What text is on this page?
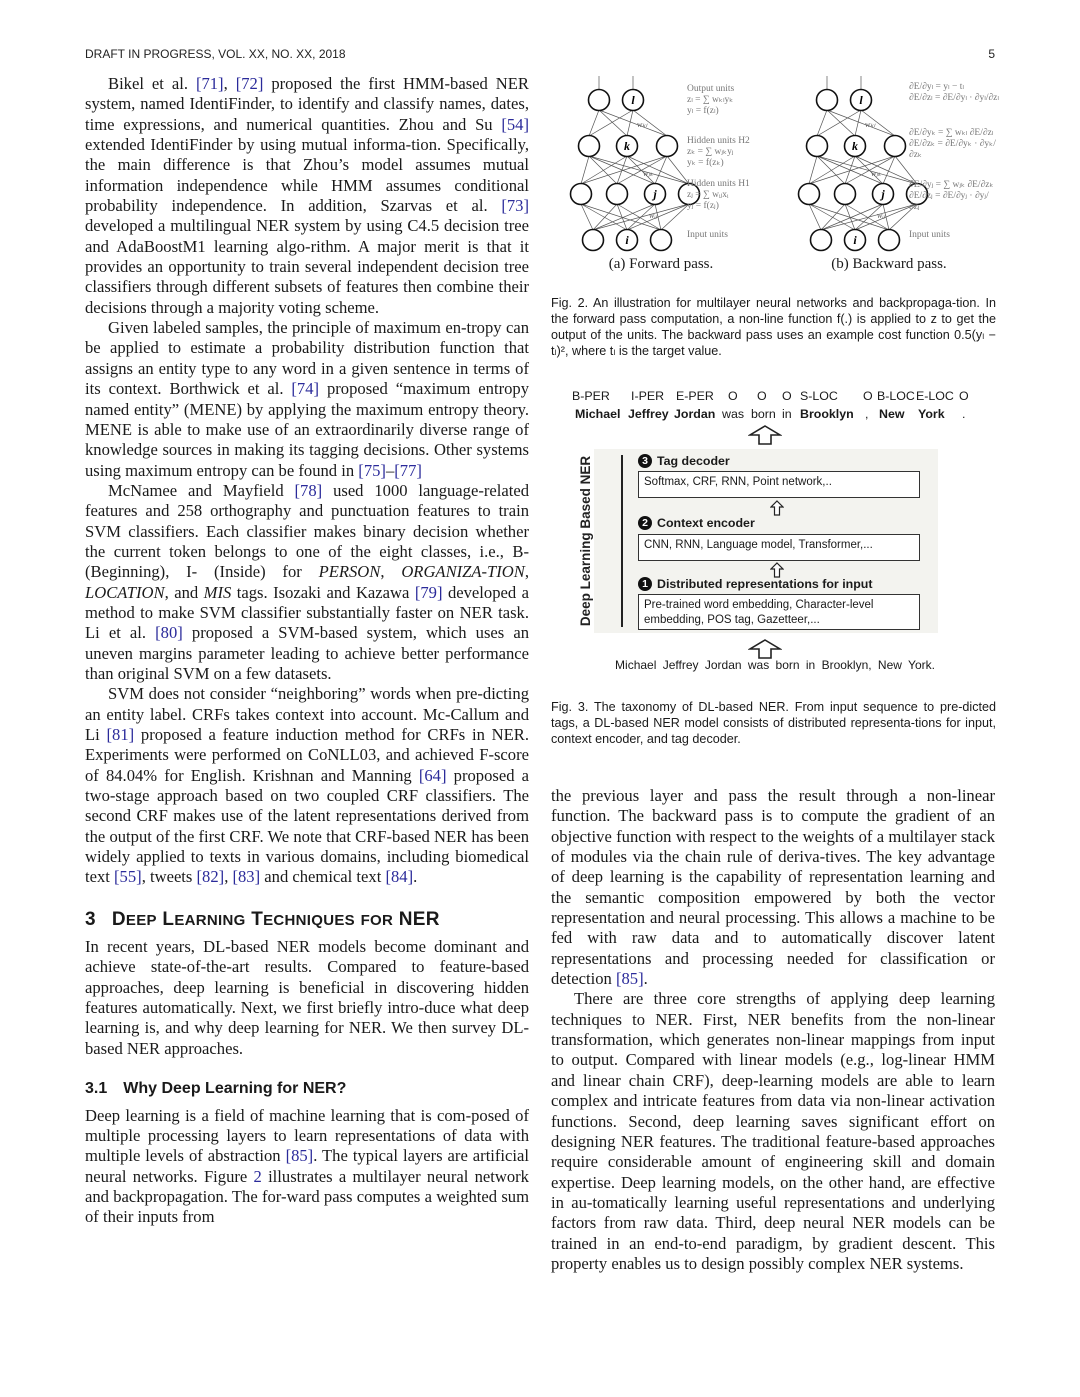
DRAFT IN PROGRESS, VOL. XX, NO. XX, 2018	5

Bikel et al. [71], [72] proposed the first HMM-based NER system, named IdentiFinder, to identify and classify names, dates, time expressions, and numerical quantities. Zhou and Su [54] extended IdentiFinder by using mutual informa-tion. Specifically, the main difference is that Zhou’s model assumes mutual information independence while HMM assumes conditional probability independence. In addition, Szarvas et al. [73] developed a multilingual NER system by using C4.5 decision tree and AdaBoostM1 learning algo-rithm. A major merit is that it provides an opportunity to train several independent decision tree classifiers through different subsets of features then combine their decisions through a majority voting scheme.

Given labeled samples, the principle of maximum en-tropy can be applied to estimate a probability distribution function that assigns an entity type to any word in a given sentence in terms of its context. Borthwick et al. [74] proposed “maximum entropy named entity” (MENE) by applying the maximum entropy theory. MENE is able to make use of an extraordinarily diverse range of knowledge sources in making its tagging decisions. Other systems using maximum entropy can be found in [75]–[77]

McNamee and Mayfield [78] used 1000 language-related features and 258 orthography and punctuation features to train SVM classifiers. Each classifier makes binary decision whether the current token belongs to one of the eight classes, i.e., B- (Beginning), I- (Inside) for PERSON, ORGANIZA-TION, LOCATION, and MIS tags. Isozaki and Kazawa [79] developed a method to make SVM classifier substantially faster on NER task. Li et al. [80] proposed a SVM-based system, which uses an uneven margins parameter leading to achieve better performance than original SVM on a few datasets.

SVM does not consider “neighboring” words when pre-dicting an entity label. CRFs takes context into account. Mc-Callum and Li [81] proposed a feature induction method for CRFs in NER. Experiments were performed on CoNLL03, and achieved F-score of 84.04% for English. Krishnan and Manning [64] proposed a two-stage approach based on two coupled CRF classifiers. The second CRF makes use of the latent representations derived from the output of the first CRF. We note that CRF-based NER has been widely applied to texts in various domains, including biomedical text [55], tweets [82], [83] and chemical text [84].

3 DEEP LEARNING TECHNIQUES FOR NER

In recent years, DL-based NER models become dominant and achieve state-of-the-art results. Compared to feature-based approaches, deep learning is beneficial in discovering hidden features automatically. Next, we first briefly intro-duce what deep learning is, and why deep learning for NER. We then survey DL-based NER approaches.

3.1 Why Deep Learning for NER?

Deep learning is a field of machine learning that is com-posed of multiple processing layers to learn representations of data with multiple levels of abstraction [85]. The typical layers are artificial neural networks. Figure 2 illustrates a multilayer neural network and backpropagation. The for-ward pass computes a weighted sum of their inputs from

l
k
j
i
wₖₗ
wⱼₖ
wᵢⱼ
Output units
zₗ = ∑ wₖₗyₖ
yₗ = f(zₗ)
Hidden units H2
zₖ = ∑ wⱼₖyⱼ
yₖ = f(zₖ)
Hidden units H1
zⱼ = ∑ wᵢⱼxᵢ
yⱼ = f(zⱼ)
Input units
(a) Forward pass.
l
k
j
i
wₖₗ
wⱼₖ
wᵢⱼ
∂E/∂yₗ = yₗ − tₗ
∂E/∂zₗ = ∂E/∂yₗ · ∂yₗ/∂zₗ
∂E/∂yₖ = ∑ wₖₗ ∂E/∂zₗ
∂E/∂zₖ = ∂E/∂yₖ · ∂yₖ/∂zₖ
∂E/∂yⱼ = ∑ wⱼₖ ∂E/∂zₖ
∂E/∂zⱼ = ∂E/∂yⱼ · ∂yⱼ/∂zⱼ
Input units
(b) Backward pass.
Fig. 2. An illustration for multilayer neural networks and backpropaga-tion. In the forward pass computation, a non-line function f(.) is applied to z to get the output of the units. The backward pass uses an example cost function 0.5(yₗ − tₗ)², where tₗ is the target value.
B-PER I-PER E-PER O O O S-LOC O B-LOC E-LOC O
Michael Jeffrey Jordan was born in Brooklyn , New York .
Deep Learning Based NER	3 Tag decoder
Softmax, CRF, RNN, Point network,..
2 Context encoder
CNN, RNN, Language model, Transformer,...
1 Distributed representations for input
Pre-trained word embedding, Character-level embedding, POS tag, Gazetteer,...
Michael Jeffrey Jordan was born in Brooklyn, New York.
Fig. 3. The taxonomy of DL-based NER. From input sequence to pre-dicted tags, a DL-based NER model consists of distributed representa-tions for input, context encoder, and tag decoder.

the previous layer and pass the result through a non-linear function. The backward pass is to compute the gradient of an objective function with respect to the weights of a multilayer stack of modules via the chain rule of deriva-tives. The key advantage of deep learning is the capability of representation learning and the semantic composition empowered by both the vector representation and neural processing. This allows a machine to be fed with raw data and to automatically discover latent representations and processing needed for classification or detection [85].

There are three core strengths of applying deep learning techniques to NER. First, NER benefits from the non-linear transformation, which generates non-linear mappings from input to output. Compared with linear models (e.g., log-linear HMM and linear chain CRF), deep-learning models are able to learn complex and intricate features from data via non-linear activation functions. Second, deep learning saves significant effort on designing NER features. The traditional feature-based approaches require considerable amount of engineering skill and domain expertise. Deep learning models, on the other hand, are effective in au-tomatically learning useful representations and underlying factors from raw data. Third, deep neural NER models can be trained in an end-to-end paradigm, by gradient descent. This property enables us to design possibly complex NER systems.
